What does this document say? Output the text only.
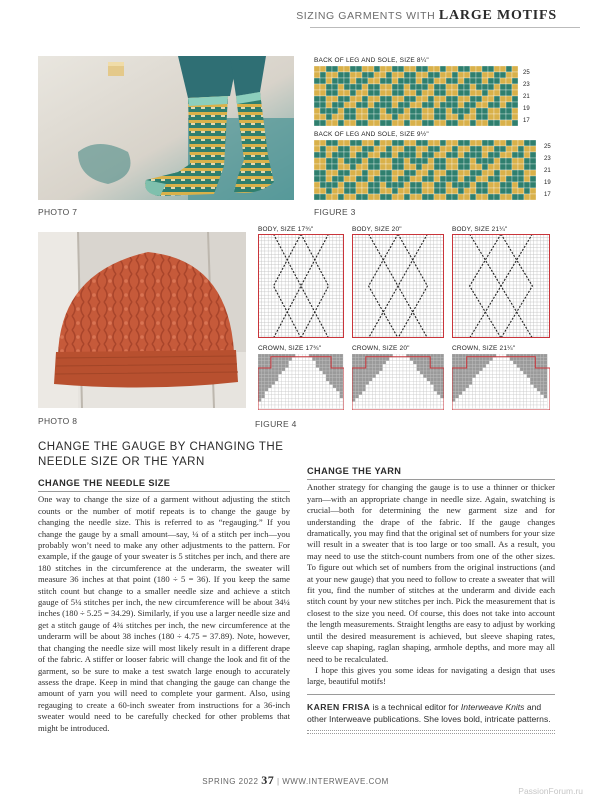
SIZING GARMENTS WITH LARGE MOTIFS
PHOTO 7
BACK OF LEG AND SOLE, SIZE 8¼"
25
23
21
19
17
BACK OF LEG AND SOLE, SIZE 9½"
25
23
21
19
17
FIGURE 3
PHOTO 8
BODY, SIZE 17¾"	BODY, SIZE 20"	BODY, SIZE 21¼"
CROWN, SIZE 17¾"	CROWN, SIZE 20"	CROWN, SIZE 21¼"
FIGURE 4
CHANGE THE GAUGE BY CHANGING THE NEEDLE SIZE OR THE YARN
CHANGE THE NEEDLE SIZE

One way to change the size of a garment without adjusting the stitch counts or the number of motif repeats is to change the gauge by changing the needle size. This is referred to as “regauging.” If you change the gauge by a small amount—say, ¼ of a stitch per inch—you probably won’t need to make any other adjustments to the pattern. For example, if the gauge of your sweater is 5 stitches per inch, and there are 180 stitches in the circumference at the underarm, the sweater will measure 36 inches at that point (180 ÷ 5 = 36). If you keep the same stitch count but change to a smaller needle size and achieve a stitch gauge of 5¼ stitches per inch, the new circumference will be about 34¼ inches (180 ÷ 5.25 = 34.29). Similarly, if you use a larger needle size and get a stitch gauge of 4¾ stitches per inch, the new circumference at the underarm will be about 38 inches (180 ÷ 4.75 = 37.89). Note, however, that changing the needle size will most likely result in a different drape of the fabric. A stiffer or looser fabric will change the look and fit of the garment, so be sure to make a test swatch large enough to accurately assess the drape. Keep in mind that changing the gauge can change the amount of yarn you will need to complete your garment. Also, using regauging to create a 60-inch sweater from instructions for a 36-inch sweater would need to be carefully checked for other problems that might be introduced.

CHANGE THE YARN

Another strategy for changing the gauge is to use a thinner or thicker yarn—with an appropriate change in needle size. Again, swatching is crucial—both for determining the new garment size and for understanding the drape of the fabric. If the gauge changes dramatically, you may find that the original set of numbers for your size will result in a sweater that is too large or too small. As a result, you may need to use the stitch-count numbers from one of the other sizes. To figure out which set of numbers from the original instructions (and at your new gauge) that you need to follow to create a sweater that will fit you, find the number of stitches at the underarm and divide each stitch count by your new stitches per inch. Pick the measurement that is closest to the size you need. Of course, this does not take into account the length measurements. Straight lengths are easy to adjust by working until the desired measurement is achieved, but sleeve shaping rates, sleeve cap shaping, raglan shaping, armhole depths, and more may all need to be recalculated.

I hope this gives you some ideas for navigating a design that uses large, beautiful motifs!

KAREN FRISA is a technical editor for Interweave Knits and other Interweave publications. She loves bold, intricate patterns.
SPRING 2022 37 | WWW.INTERWEAVE.COM
PassionForum.ru
